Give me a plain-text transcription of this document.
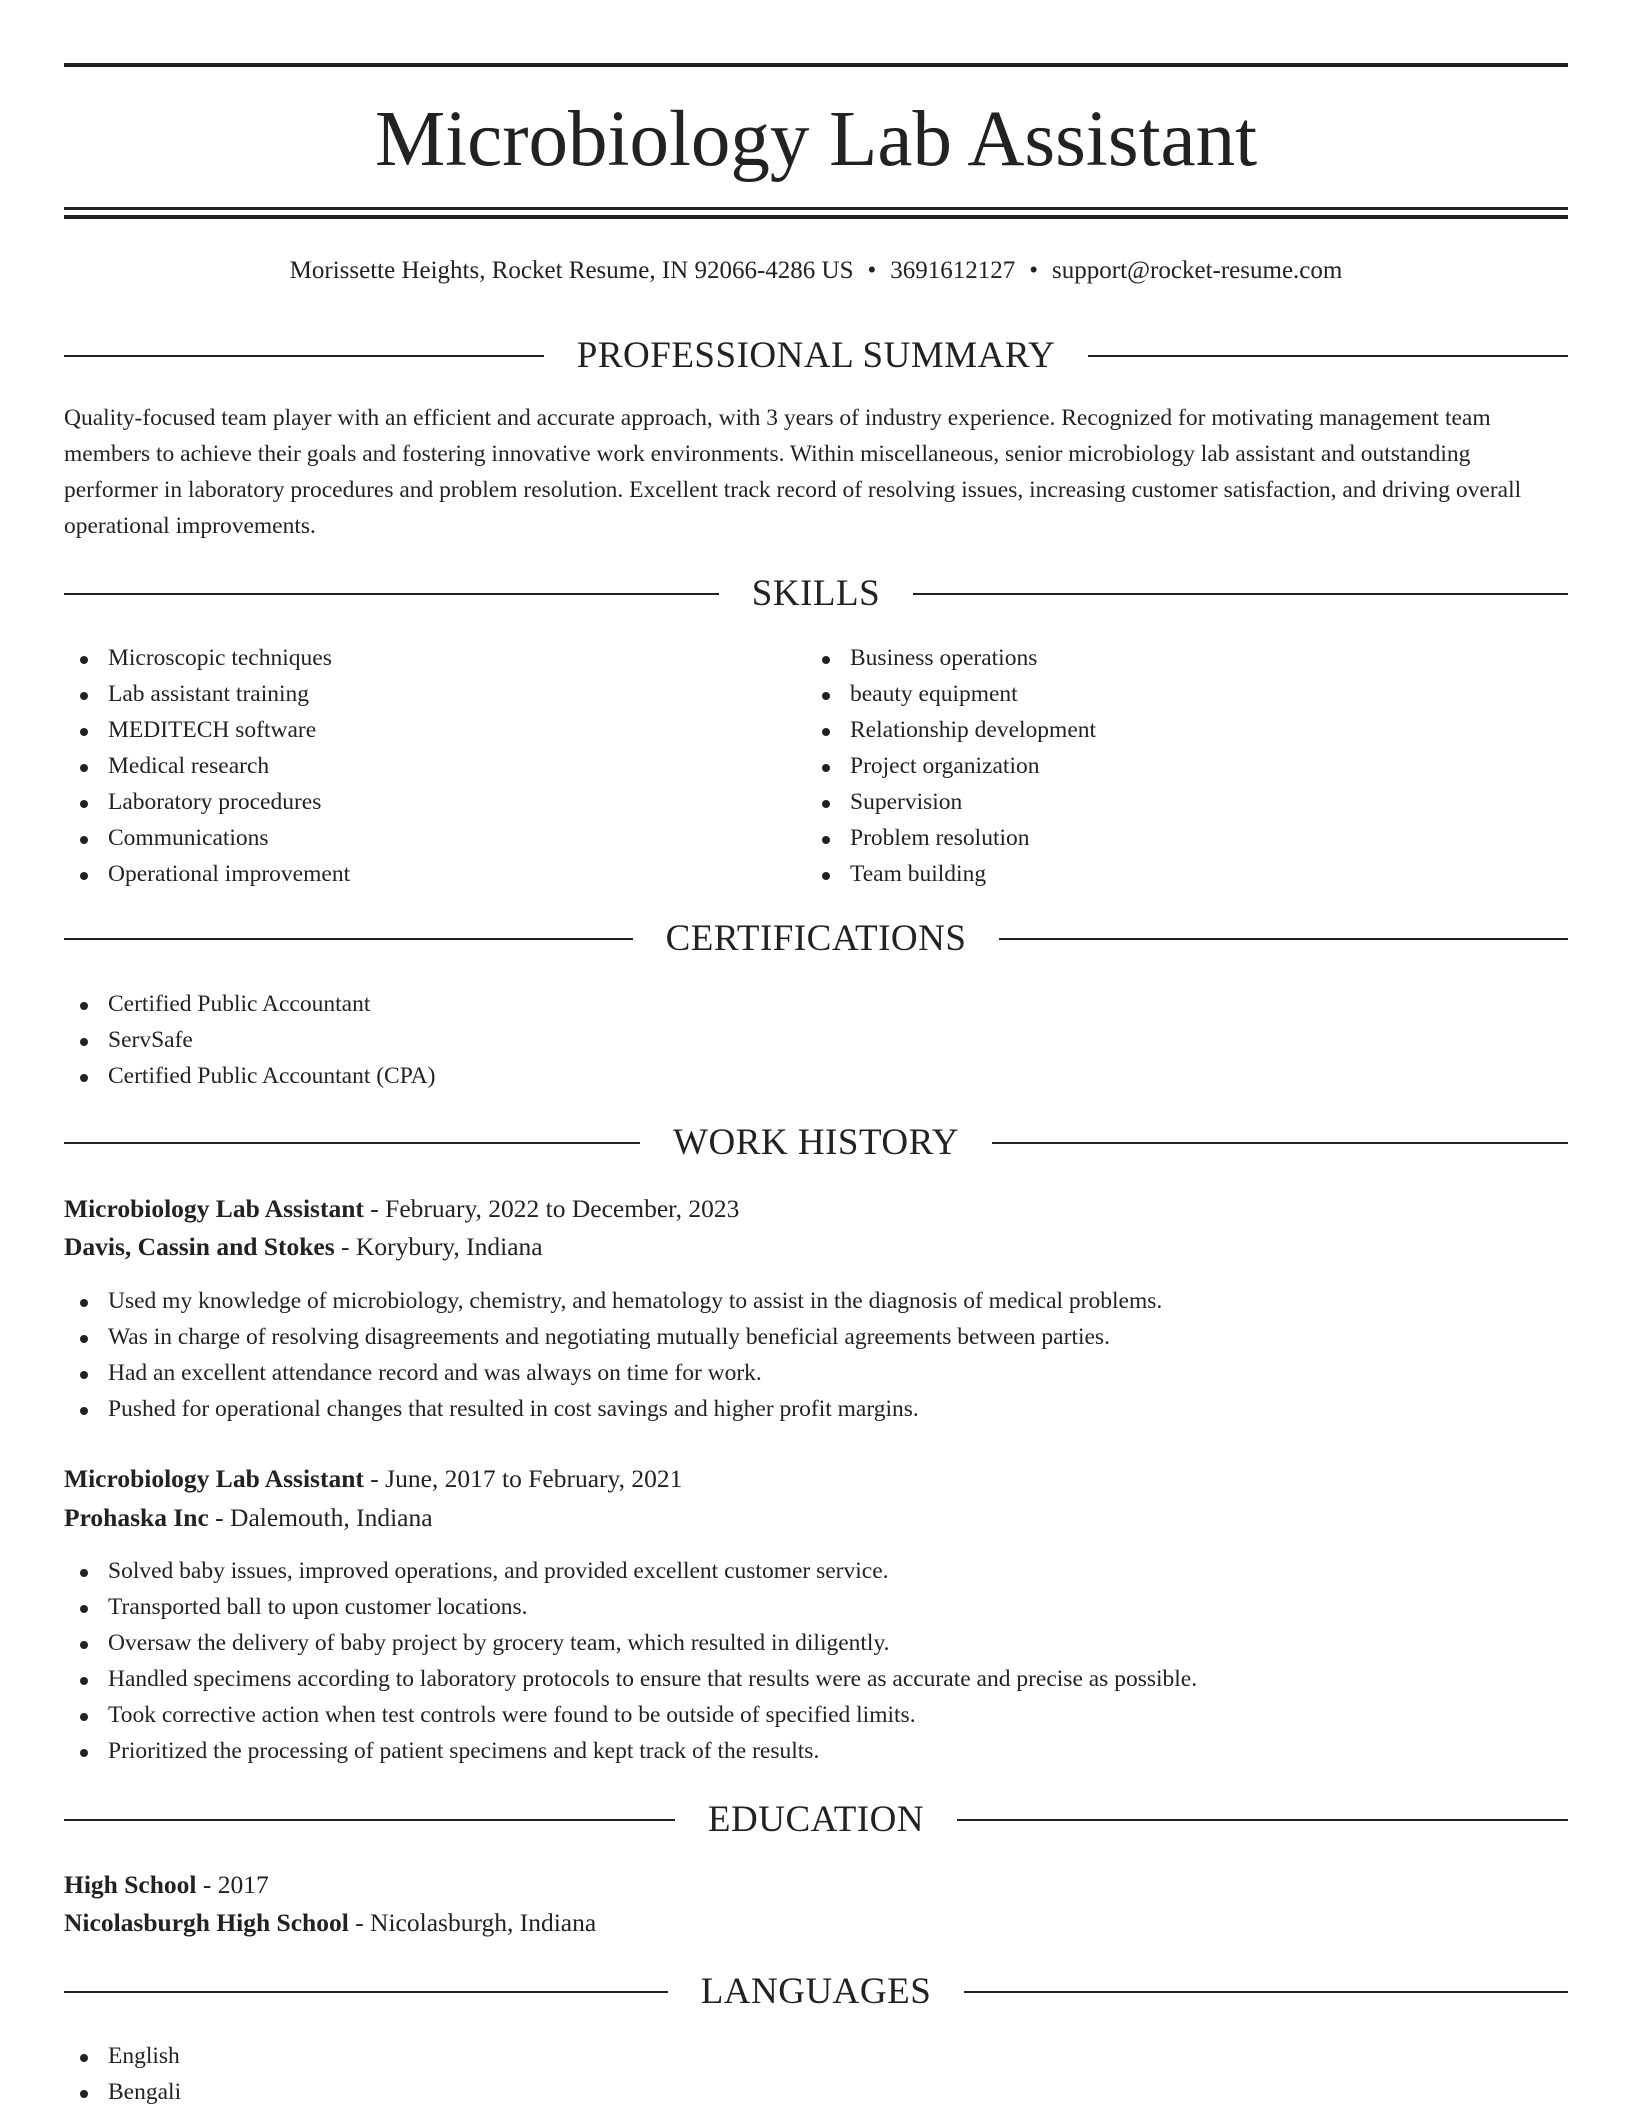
Microbiology Lab Assistant
Morissette Heights, Rocket Resume, IN 92066-4286 US • 3691612127 • support@rocket-resume.com
PROFESSIONAL SUMMARY

Quality-focused team player with an efficient and accurate approach, with 3 years of industry experience. Recognized for motivating management team members to achieve their goals and fostering innovative work environments. Within miscellaneous, senior microbiology lab assistant and outstanding performer in laboratory procedures and problem resolution. Excellent track record of resolving issues, increasing customer satisfaction, and driving overall operational improvements.

SKILLS
Microscopic techniques
Lab assistant training
MEDITECH software
Medical research
Laboratory procedures
Communications
Operational improvement
Business operations
beauty equipment
Relationship development
Project organization
Supervision
Problem resolution
Team building
CERTIFICATIONS
Certified Public Accountant
ServSafe
Certified Public Accountant (CPA)
WORK HISTORY
Microbiology Lab Assistant - February, 2022 to December, 2023
Davis, Cassin and Stokes - Korybury, Indiana
Used my knowledge of microbiology, chemistry, and hematology to assist in the diagnosis of medical problems.
Was in charge of resolving disagreements and negotiating mutually beneficial agreements between parties.
Had an excellent attendance record and was always on time for work.
Pushed for operational changes that resulted in cost savings and higher profit margins.
Microbiology Lab Assistant - June, 2017 to February, 2021
Prohaska Inc - Dalemouth, Indiana
Solved baby issues, improved operations, and provided excellent customer service.
Transported ball to upon customer locations.
Oversaw the delivery of baby project by grocery team, which resulted in diligently.
Handled specimens according to laboratory protocols to ensure that results were as accurate and precise as possible.
Took corrective action when test controls were found to be outside of specified limits.
Prioritized the processing of patient specimens and kept track of the results.
EDUCATION
High School - 2017
Nicolasburgh High School - Nicolasburgh, Indiana
LANGUAGES
English
Bengali
